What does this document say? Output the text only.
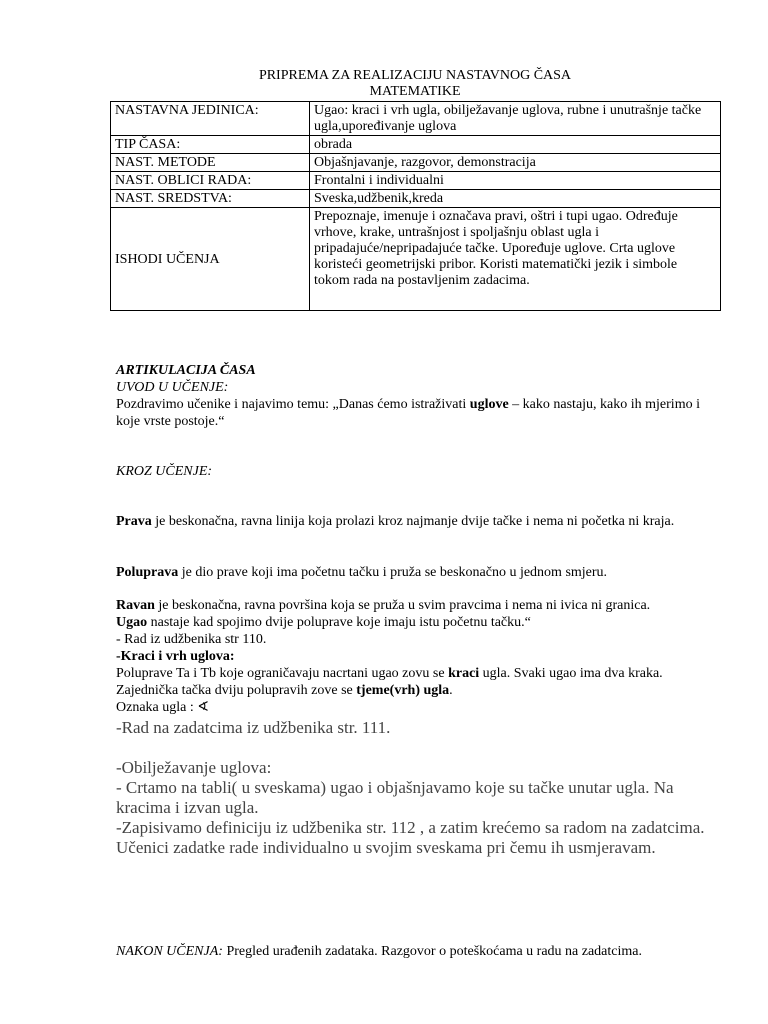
PRIPREMA ZA REALIZACIJU NASTAVNOG ČASA
MATEMATIKE
NASTAVNA JEDINICA:	Ugao: kraci i vrh ugla, obilježavanje uglova, rubne i unutrašnje tačke ugla,upoređivanje uglova
TIP ČASA:	obrada
NAST. METODE	Objašnjavanje, razgovor, demonstracija
NAST. OBLICI RADA:	Frontalni i individualni
NAST. SREDSTVA:	Sveska,udžbenik,kreda
ISHODI UČENJA	Prepoznaje, imenuje i označava pravi, oštri i tupi ugao. Određuje vrhove, krake, untrašnjost i spoljašnju oblast ugla i pripadajuće/nepripadajuće tačke. Upoređuje uglove. Crta uglove koristeći geometrijski pribor. Koristi matematički jezik i simbole tokom rada na postavljenim zadacima.

ARTIKULACIJA ČASA

UVOD U UČENJE:

Pozdravimo učenike i najavimo temu: „Danas ćemo istraživati uglove – kako nastaju, kako ih mjerimo i koje vrste postoje.“

KROZ UČENJE:
Prava je beskonačna, ravna linija koja prolazi kroz najmanje dvije tačke i nema ni početka ni kraja.
Poluprava je dio prave koji ima početnu tačku i pruža se beskonačno u jednom smjeru.

Ravan je beskonačna, ravna površina koja se pruža u svim pravcima i nema ni ivica ni granica.

Ugao nastaje kad spojimo dvije poluprave koje imaju istu početnu tačku.“

- Rad iz udžbenika str 110.

-Kraci i vrh uglova:

Poluprave Ta i Tb koje ograničavaju nacrtani ugao zovu se kraci ugla. Svaki ugao ima dva kraka. Zajednička tačka dviju polupravih zove se tjeme(vrh) ugla.

Oznaka ugla : ∢

-Rad na zadatcima iz udžbenika str. 111.

-Obilježavanje uglova:

- Crtamo na tabli( u sveskama) ugao i objašnjavamo koje su tačke unutar ugla. Na kracima i izvan ugla.

-Zapisivamo definiciju iz udžbenika str. 112 , a zatim krećemo sa radom na zadatcima.

Učenici zadatke rade individualno u svojim sveskama pri čemu ih usmjeravam.

NAKON UČENJA: Pregled urađenih zadataka. Razgovor o poteškoćama u radu na zadatcima.
